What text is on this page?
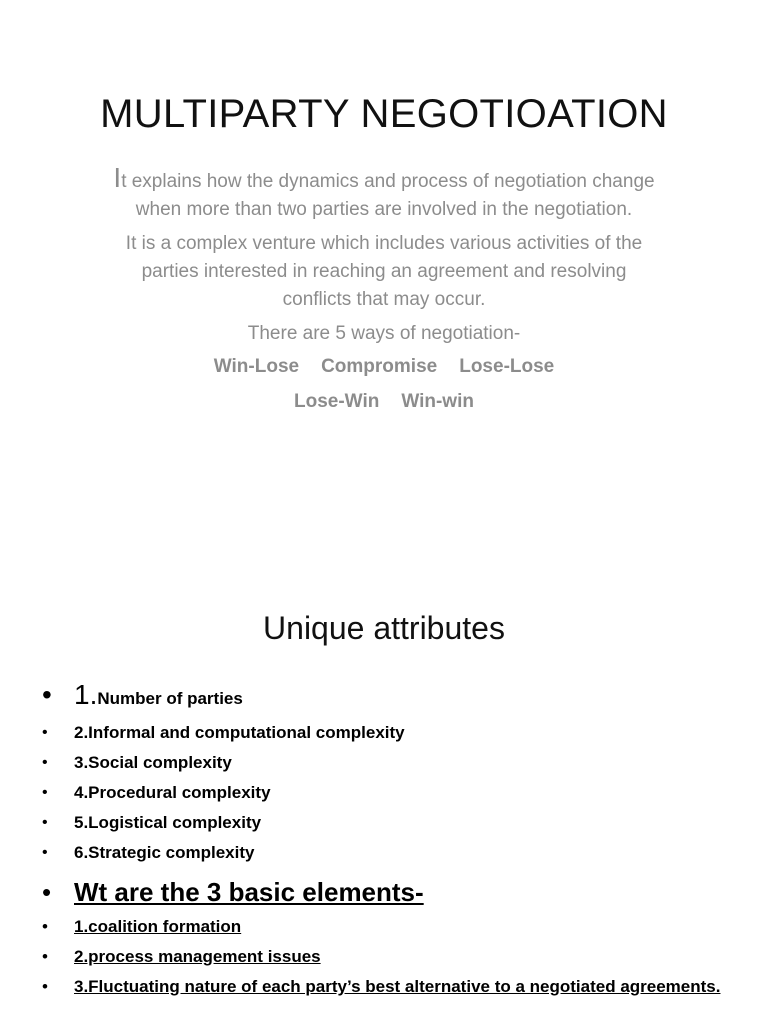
MULTIPARTY NEGOTIOATION

It explains how the dynamics and process of negotiation change when more than two parties are involved in the negotiation.

It is a complex venture which includes various activities of the parties interested in reaching an agreement and resolving conflicts that may occur.

There are 5 ways of negotiation-

Win-Lose Compromise Lose-Lose
Lose-Win Win-win
Unique attributes
• 1.Number of parties
• 2.Informal and computational complexity
• 3.Social complexity
• 4.Procedural complexity
• 5.Logistical complexity
• 6.Strategic complexity
• Wt are the 3 basic elements-
• 1.coalition formation
• 2.process management issues
• 3.Fluctuating nature of each party’s best alternative to a negotiated agreements.
